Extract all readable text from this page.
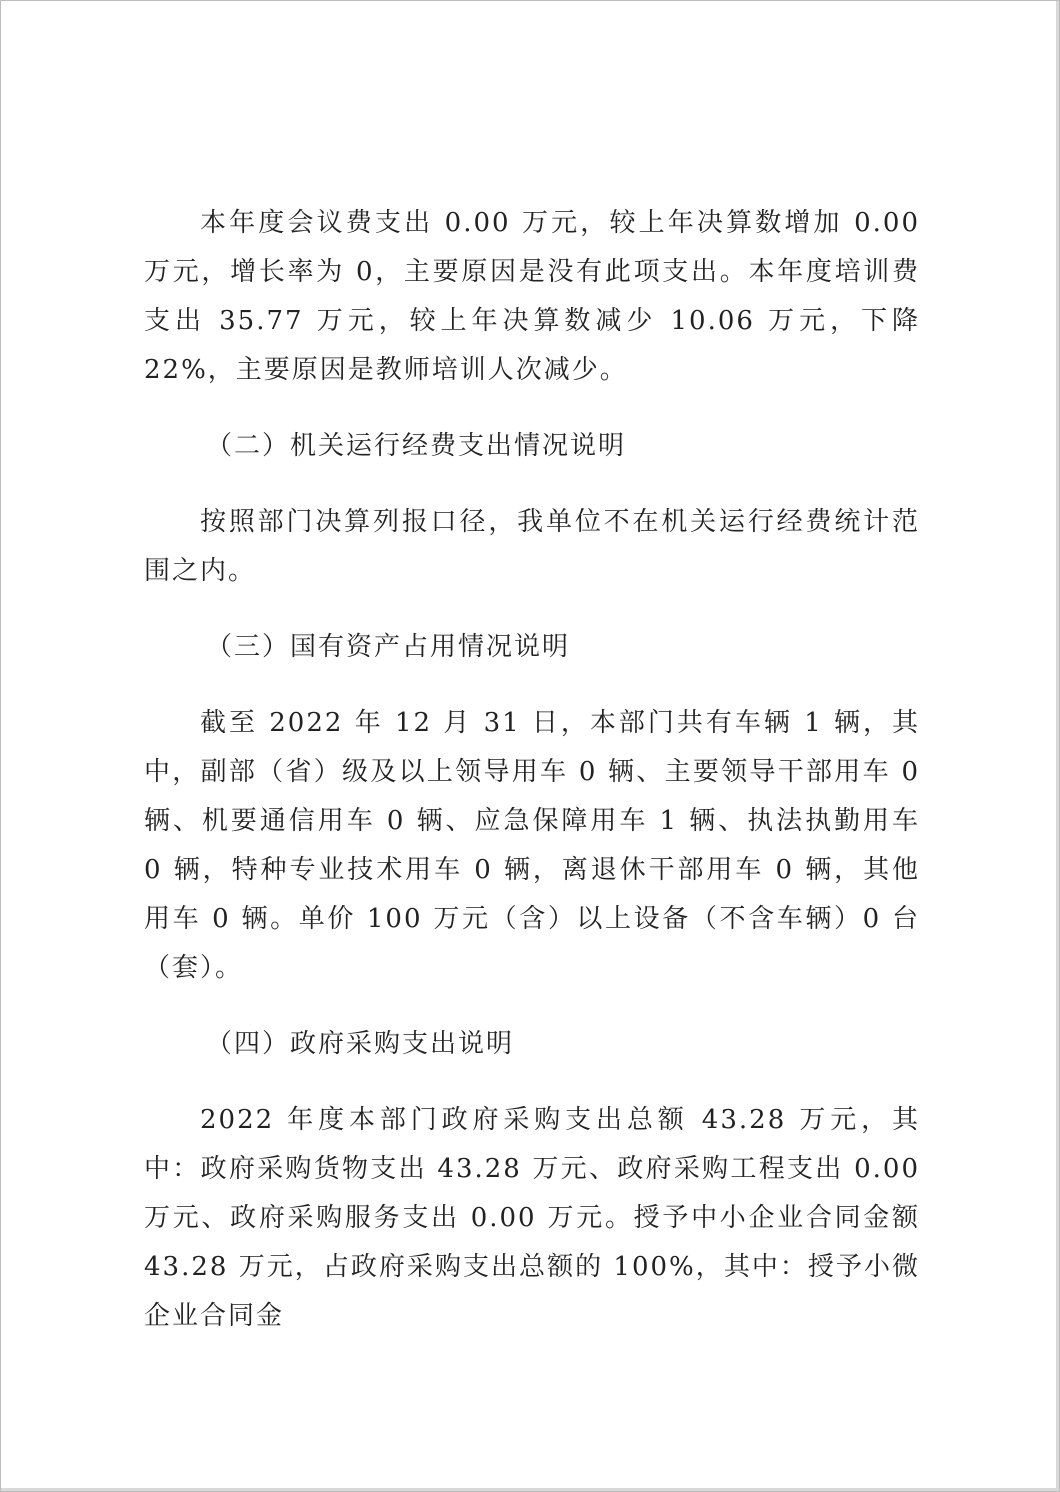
本年度会议费支出 0.00 万元，较上年决算数增加 0.00 万元，增长率为 0，主要原因是没有此项支出。本年度培训费支出 35.77 万元，较上年决算数减少 10.06 万元，下降 22%，主要原因是教师培训人次减少。

（二）机关运行经费支出情况说明

按照部门决算列报口径，我单位不在机关运行经费统计范围之内。

（三）国有资产占用情况说明

截至 2022 年 12 月 31 日，本部门共有车辆 1 辆，其中，副部（省）级及以上领导用车 0 辆、主要领导干部用车 0 辆、机要通信用车 0 辆、应急保障用车 1 辆、执法执勤用车 0 辆，特种专业技术用车 0 辆，离退休干部用车 0 辆，其他用车 0 辆。单价 100 万元（含）以上设备（不含车辆）0 台（套）。

（四）政府采购支出说明

2022 年度本部门政府采购支出总额 43.28 万元，其中：政府采购货物支出 43.28 万元、政府采购工程支出 0.00 万元、政府采购服务支出 0.00 万元。授予中小企业合同金额 43.28 万元，占政府采购支出总额的 100%，其中：授予小微企业合同金
